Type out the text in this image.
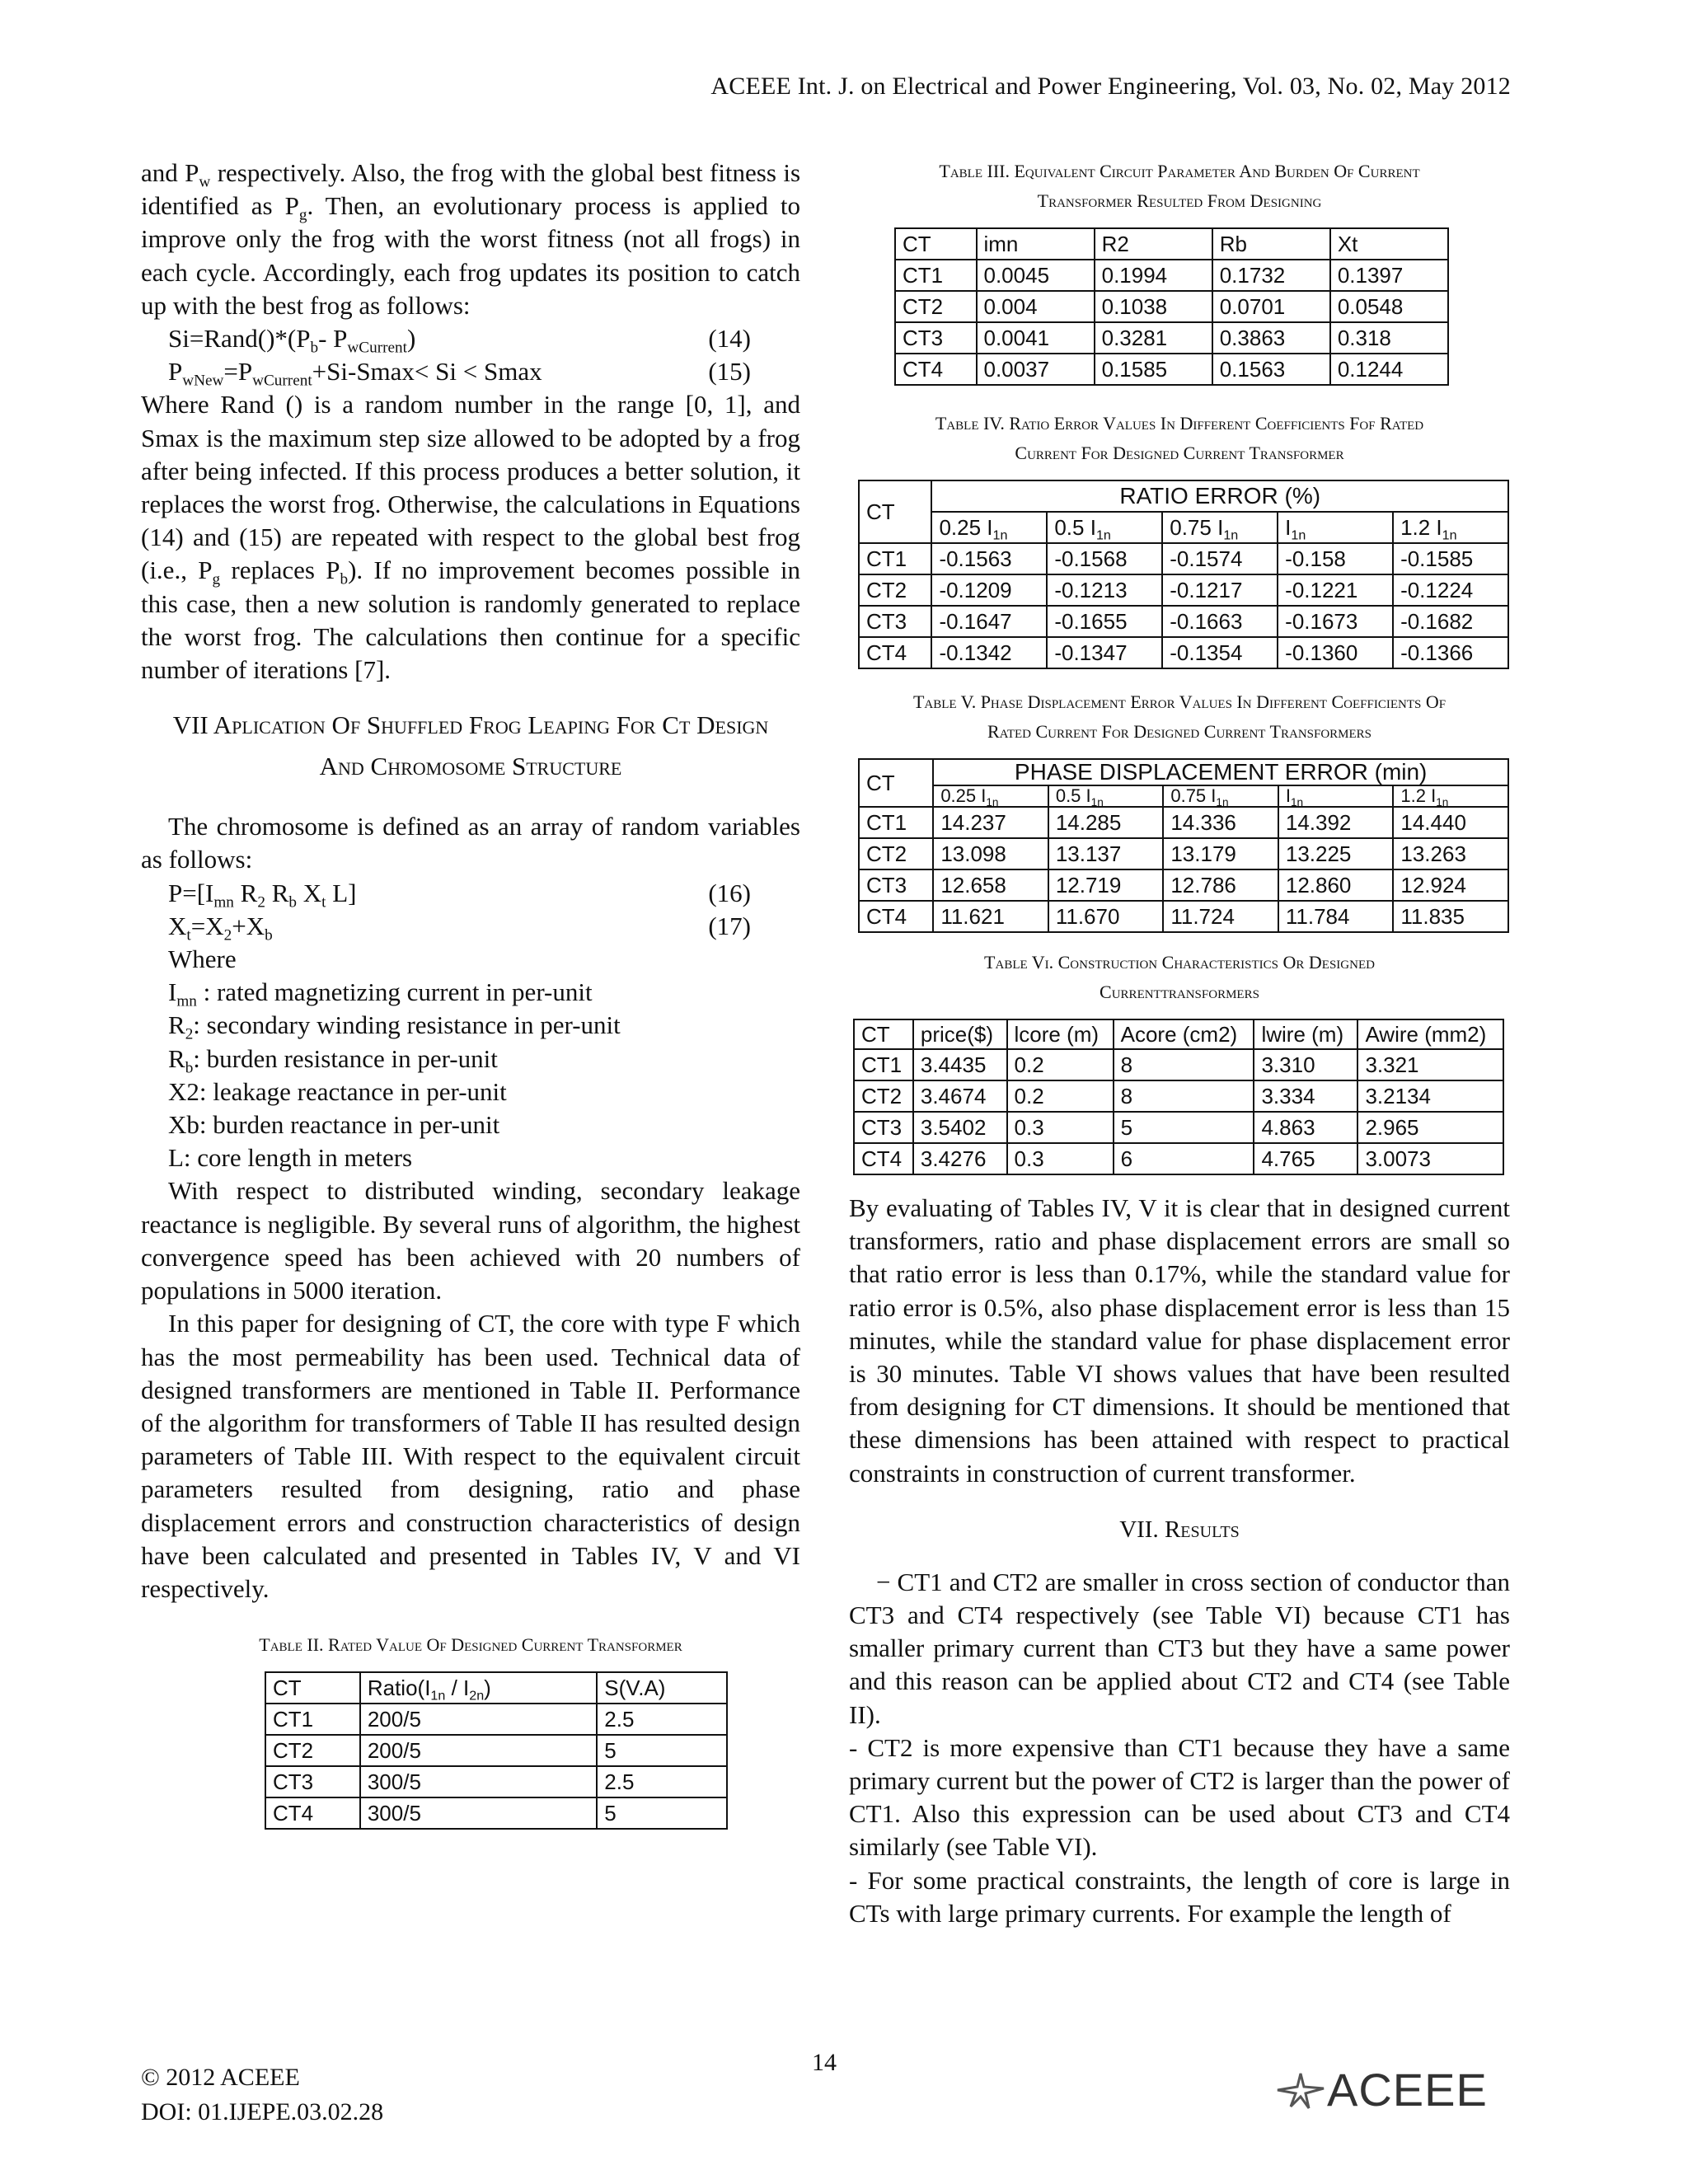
ACEEE Int. J. on Electrical and Power Engineering, Vol. 03, No. 02, May 2012

and $P_w$ respectively. Also, the frog with the global best fitness is identified as $P_g$. Then, an evolutionary process is applied to improve only the frog with the worst fitness (not all frogs) in each cycle. Accordingly, each frog updates its position to catch up with the best frog as follows:

$Si=Rand()*(P_b-$ $P_{wCurrent}$)	(14)
$P_{wNew}=P_{wCurrent}+Si-Smax< Si < Smax$	(15)

Where Rand () is a random number in the range [0, 1], and Smax is the maximum step size allowed to be adopted by a frog after being infected. If this process produces a better solution, it replaces the worst frog. Otherwise, the calculations in Equations (14) and (15) are repeated with respect to the global best frog (i.e., $P_g$ replaces $P_b$). If no improvement becomes possible in this case, then a new solution is randomly generated to replace the worst frog. The calculations then continue for a specific number of iterations [7].

VII Aplication Of Shuffled Frog Leaping For Ct Design
And Chromosome Structure

The chromosome is defined as an array of random variables as follows:

$P=[I_{mn}$ $R_2$ $R_b$ $X_t$ L]	(16)
$X_t=X_2+X_b$	(17)
Where
$I_{mn}$ : rated magnetizing current in per-unit
$R_2$: secondary winding resistance in per-unit
$R_b$: burden resistance in per-unit
X2: leakage reactance in per-unit
Xb: burden reactance in per-unit
L: core length in meters

With respect to distributed winding, secondary leakage reactance is negligible. By several runs of algorithm, the highest convergence speed has been achieved with 20 numbers of populations in 5000 iteration.

In this paper for designing of CT, the core with type F which has the most permeability has been used. Technical data of designed transformers are mentioned in Table II. Performance of the algorithm for transformers of Table II has resulted design parameters of Table III. With respect to the equivalent circuit parameters resulted from designing, ratio and phase displacement errors and construction characteristics of design have been calculated and presented in Tables IV, V and VI respectively.

Table II. Rated Value Of Designed Current Transformer
CT	$Ratio(I_{1n} / I_{2n})$	S(V.A)
CT1	200/5	2.5
CT2	200/5	5
CT3	300/5	2.5
CT4	300/5	5
Table III. Equivalent Circuit Parameter And Burden Of Current
Transformer Resulted From Designing
CT	imn	R2	Rb	Xt
CT1	0.0045	0.1994	0.1732	0.1397
CT2	0.004	0.1038	0.0701	0.0548
CT3	0.0041	0.3281	0.3863	0.318
CT4	0.0037	0.1585	0.1563	0.1244
Table IV. Ratio Error Values In Different Coefficients Fof Rated
Current For Designed Current Transformer
CT	RATIO ERROR (%)				
	0.25 $I_{1n}$	0.5 $I_{1n}$	0.75 $I_{1n}$	$I_{1n}$	1.2 $I_{1n}$
CT1	-0.1563	-0.1568	-0.1574	-0.158	-0.1585
CT2	-0.1209	-0.1213	-0.1217	-0.1221	-0.1224
CT3	-0.1647	-0.1655	-0.1663	-0.1673	-0.1682
CT4	-0.1342	-0.1347	-0.1354	-0.1360	-0.1366
Table V. Phase Displacement Error Values In Different Coefficients Of
Rated Current For Designed Current Transformers
CT	PHASE DISPLACEMENT ERROR (min)				
	0.25 $I_{1n}$	0.5 $I_{1n}$	0.75 $I_{1n}$	$I_{1n}$	1.2 $I_{1n}$
CT1	14.237	14.285	14.336	14.392	14.440
CT2	13.098	13.137	13.179	13.225	13.263
CT3	12.658	12.719	12.786	12.860	12.924
CT4	11.621	11.670	11.724	11.784	11.835
Table Vi. Construction Characteristics Or Designed
Currenttransformers
CT	price($)	lcore (m)	Acore (cm2)	lwire (m)	Awire (mm2)
CT1	3.4435	0.2	8	3.310	3.321
CT2	3.4674	0.2	8	3.334	3.2134
CT3	3.5402	0.3	5	4.863	2.965
CT4	3.4276	0.3	6	4.765	3.0073

By evaluating of Tables IV, V it is clear that in designed current transformers, ratio and phase displacement errors are small so that ratio error is less than 0.17%, while the standard value for ratio error is 0.5%, also phase displacement error is less than 15 minutes, while the standard value for phase displacement error is 30 minutes. Table VI shows values that have been resulted from designing for CT dimensions. It should be mentioned that these dimensions has been attained with respect to practical constraints in construction of current transformer.

VII. Results

− CT1 and CT2 are smaller in cross section of conductor than CT3 and CT4 respectively (see Table VI) because CT1 has smaller primary current than CT3 but they have a same power and this reason can be applied about CT2 and CT4 (see Table II).

- CT2 is more expensive than CT1 because they have a same primary current but the power of CT2 is larger than the power of CT1. Also this expression can be used about CT3 and CT4 similarly (see Table VI).

- For some practical constraints, the length of core is large in CTs with large primary currents. For example the length of

© 2012 ACEEE
DOI: 01.IJEPE.03.02.28
14
ACEEE
